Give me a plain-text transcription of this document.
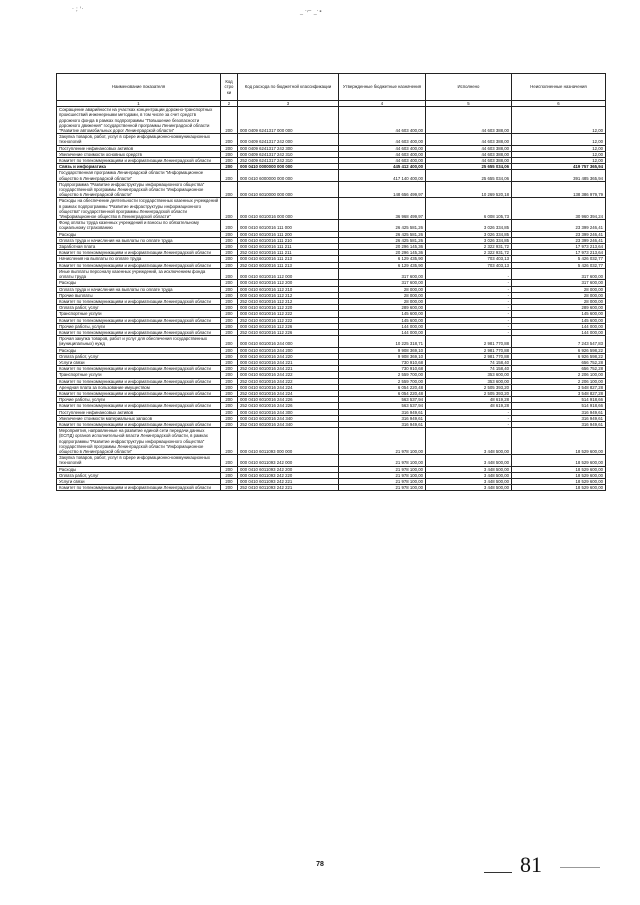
· ; '·	_ ·⌐ _·∙
Наименование показателя	Код стро ки	Код расхода по бюджетной классификации	Утвержденные бюджетные назначения	Исполнено	Неисполненные назначения
1	2	3	4	5	6
Сокращение аварийности на участках концентрации дорожно-транспортных происшествий инженерными методами, в том числе за счет средств дорожного фонда в рамках подпрограммы "Повышение безопасности дорожного движения" государственной программы Ленинградской области "Развитие автомобильных дорог Ленинградской области"	200	000 0409 6241317 000 000	44 603 400,00	44 603 388,00	12,00
Закупка товаров, работ, услуг в сфере информационно-коммуникационных технологий	200	000 0409 6241317 242 000	44 603 400,00	44 603 388,00	12,00
Поступление нефинансовых активов	200	000 0409 6241317 242 300	44 603 400,00	44 603 388,00	12,00
Увеличение стоимости основных средств	200	000 0409 6241317 242 310	44 603 400,00	44 603 388,00	12,00
Комитет по телекоммуникациям и информатизации Ленинградской области	200	252 0409 6241317 242 310	44 603 400,00	44 603 388,00	12,00
Связь и информатика	200	000 0410 0000000 000 000	445 412 400,00	25 655 034,06	419 757 365,94
Государственная программа Ленинградской области "Информационное общество в Ленинградской области"	200	000 0410 6000000 000 000	417 140 400,00	25 655 034,06	391 485 365,94
Подпрограмма "Развитие инфраструктуры информационного общества" государственной программы Ленинградской области "Информационное общество в Ленинградской области"	200	000 0410 6010000 000 000	148 656 499,97	10 269 520,18	138 386 979,79
Расходы на обеспечение деятельности государственных казенных учреждений в рамках подпрограммы "Развитие инфраструктуры информационного общества" государственной программы Ленинградской области "Информационное общество в Ленинградской области"	200	000 0410 6010016 000 000	36 968 499,97	6 008 105,73	30 960 394,24
Фонд оплаты труда казенных учреждений и взносы по обязательному социальному страхованию	200	000 0410 6010016 111 000	26 425 581,26	3 026 334,85	23 399 246,41
Расходы	200	000 0410 6010016 111 200	26 425 581,26	3 026 334,85	23 399 246,41
Оплата труда и начисления на выплаты по оплате труда	200	000 0410 6010016 111 210	26 425 581,26	3 026 334,85	23 399 246,41
Заработная плата	200	000 0410 6010016 111 211	20 296 145,36	2 322 931,72	17 973 213,64
Комитет по телекоммуникациям и информатизации Ленинградской области	200	252 0410 6010016 111 211	20 296 145,36	2 322 931,72	17 973 213,64
Начисления на выплаты по оплате труда	200	000 0410 6010016 111 213	6 129 435,90	703 403,13	5 426 032,77
Комитет по телекоммуникациям и информатизации Ленинградской области	200	252 0410 6010016 111 213	6 129 435,90	703 403,13	5 426 032,77
Иные выплаты персоналу казенных учреждений, за исключением фонда оплаты труда	200	000 0410 6010016 112 000	317 600,00	-	317 600,00
Расходы	200	000 0410 6010016 112 200	317 600,00	-	317 600,00
Оплата труда и начисления на выплаты по оплате труда	200	000 0410 6010016 112 210	28 000,00	-	28 000,00
Прочие выплаты	200	000 0410 6010016 112 212	28 000,00	-	28 000,00
Комитет по телекоммуникациям и информатизации Ленинградской области	200	252 0410 6010016 112 212	28 000,00	-	28 000,00
Оплата работ, услуг	200	000 0410 6010016 112 220	289 600,00	-	289 600,00
Транспортные услуги	200	000 0410 6010016 112 222	145 600,00	-	145 600,00
Комитет по телекоммуникациям и информатизации Ленинградской области	200	252 0410 6010016 112 222	145 600,00	-	145 600,00
Прочие работы, услуги	200	000 0410 6010016 112 226	144 000,00	-	144 000,00
Комитет по телекоммуникациям и информатизации Ленинградской области	200	252 0410 6010016 112 226	144 000,00	-	144 000,00
Прочая закупка товаров, работ и услуг для обеспечения государственных (муниципальных) нужд	200	000 0410 6010016 244 000	10 225 318,71	2 981 770,88	7 243 547,83
Расходы	200	000 0410 6010016 244 200	9 908 369,10	2 981 770,88	6 926 598,22
Оплата работ, услуг	200	000 0410 6010016 244 220	9 908 369,10	2 981 770,88	6 926 598,22
Услуги связи	200	000 0410 6010016 244 221	730 910,68	74 158,40	656 752,28
Комитет по телекоммуникациям и информатизации Ленинградской области	200	252 0410 6010016 244 221	730 910,68	74 158,40	656 752,28
Транспортные услуги	200	000 0410 6010016 244 222	2 559 700,00	353 600,00	2 206 100,00
Комитет по телекоммуникациям и информатизации Ленинградской области	200	252 0410 6010016 244 222	2 559 700,00	353 600,00	2 206 100,00
Арендная плата за пользование имуществом	200	000 0410 6010016 244 224	6 054 220,48	2 505 393,20	3 548 827,28
Комитет по телекоммуникациям и информатизации Ленинградской области	200	252 0410 6010016 244 224	6 054 220,48	2 505 393,20	3 548 827,28
Прочие работы, услуги	200	000 0410 6010016 244 226	563 537,94	48 619,28	514 918,66
Комитет по телекоммуникациям и информатизации Ленинградской области	200	252 0410 6010016 244 226	563 537,94	48 619,28	514 918,66
Поступление нефинансовых активов	200	000 0410 6010016 244 300	316 949,61	-	316 949,61
Увеличение стоимости материальных запасов	200	000 0410 6010016 244 340	316 949,61	-	316 949,61
Комитет по телекоммуникациям и информатизации Ленинградской области	200	252 0410 6010016 244 340	316 949,61	-	316 949,61
Мероприятия, направленные на развитие единой сети передачи данных (ЕСПД) органов исполнительной власти Ленинградской области, в рамках подпрограммы "Развитие инфраструктуры информационного общества" государственной программы Ленинградской области "Информационное общество в Ленинградской области"	200	000 0410 6011093 000 000	21 978 100,00	3 448 500,00	18 529 600,00
Закупка товаров, работ, услуг в сфере информационно-коммуникационных технологий	200	000 0410 6011093 242 000	21 978 100,00	3 448 500,00	18 529 600,00
Расходы	200	000 0410 6011093 242 200	21 978 100,00	3 448 500,00	18 529 600,00
Оплата работ, услуг	200	000 0410 6011093 242 220	21 978 100,00	3 448 500,00	18 529 600,00
Услуги связи	200	000 0410 6011093 242 221	21 978 100,00	3 448 500,00	18 529 600,00
Комитет по телекоммуникациям и информатизации Ленинградской области	200	252 0410 6011093 242 221	21 978 100,00	3 448 500,00	18 529 600,00
78	81
